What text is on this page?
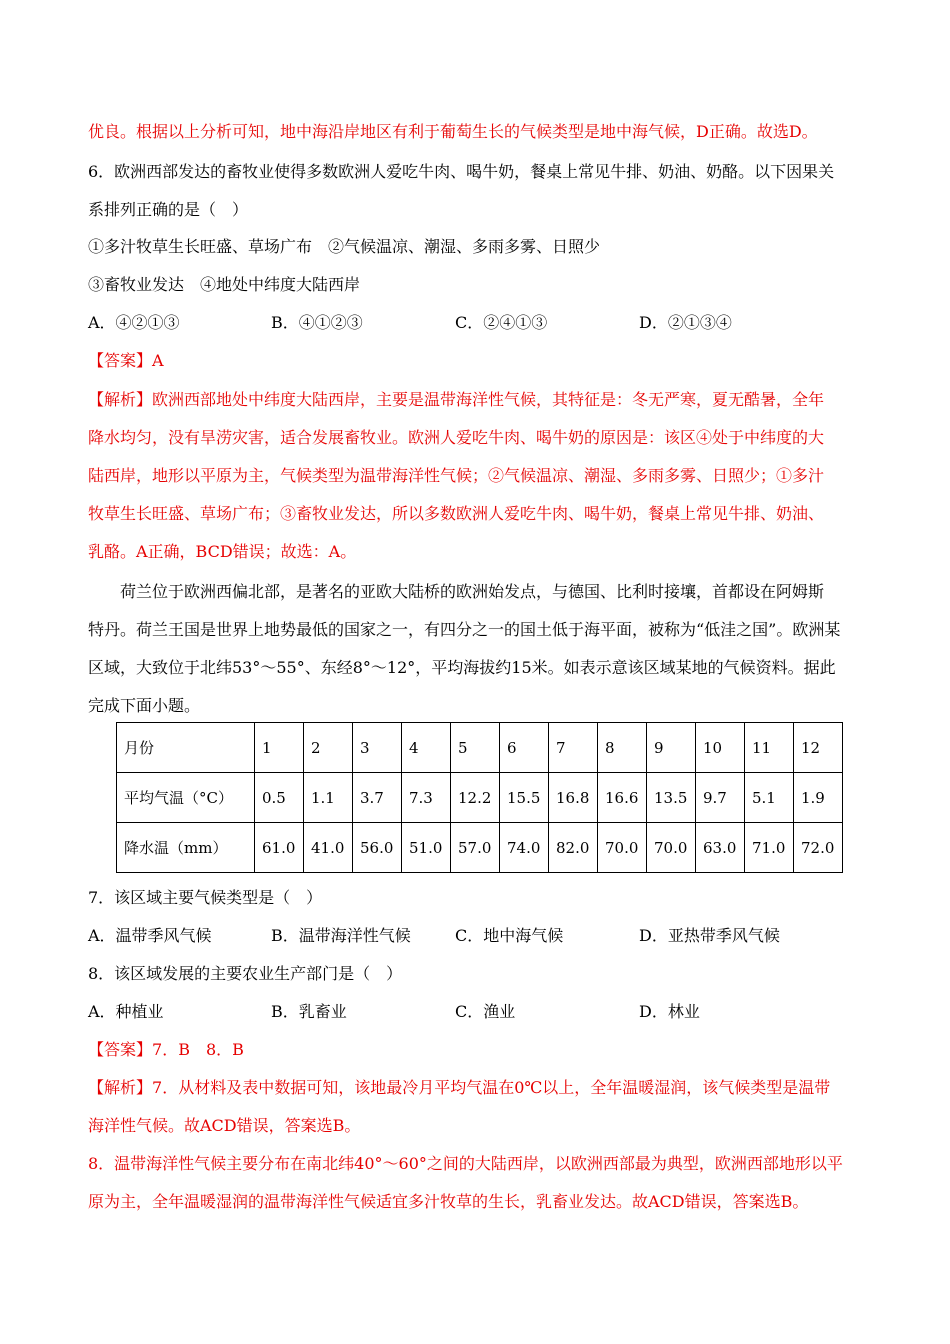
优良。根据以上分析可知，地中海沿岸地区有利于葡萄生长的气候类型是地中海气候，D正确。故选D。
6．欧洲西部发达的畜牧业使得多数欧洲人爱吃牛肉、喝牛奶，餐桌上常见牛排、奶油、奶酪。以下因果关
系排列正确的是（　）
①多汁牧草生长旺盛、草场广布　②气候温凉、潮湿、多雨多雾、日照少
③畜牧业发达　④地处中纬度大陆西岸
A．④②①③	B．④①②③	C．②④①③	D．②①③④
【答案】A
【解析】欧洲西部地处中纬度大陆西岸，主要是温带海洋性气候，其特征是：冬无严寒，夏无酷暑，全年
降水均匀，没有旱涝灾害，适合发展畜牧业。欧洲人爱吃牛肉、喝牛奶的原因是：该区④处于中纬度的大
陆西岸，地形以平原为主，气候类型为温带海洋性气候；②气候温凉、潮湿、多雨多雾、日照少；①多汁
牧草生长旺盛、草场广布；③畜牧业发达，所以多数欧洲人爱吃牛肉、喝牛奶，餐桌上常见牛排、奶油、
乳酪。A正确，BCD错误；故选：A。
荷兰位于欧洲西偏北部，是著名的亚欧大陆桥的欧洲始发点，与德国、比利时接壤，首都设在阿姆斯
特丹。荷兰王国是世界上地势最低的国家之一，有四分之一的国土低于海平面，被称为“低洼之国”。欧洲某
区域，大致位于北纬53°～55°、东经8°～12°，平均海拔约15米。如表示意该区域某地的气候资料。据此
完成下面小题。
月份	1	2	3	4	5	6	7	8	9	10	11	12
平均气温（°C）	0.5	1.1	3.7	7.3	12.2	15.5	16.8	16.6	13.5	9.7	5.1	1.9
降水温（mm）	61.0	41.0	56.0	51.0	57.0	74.0	82.0	70.0	70.0	63.0	71.0	72.0
7．该区域主要气候类型是（　）
A．温带季风气候	B．温带海洋性气候	C．地中海气候	D．亚热带季风气候
8．该区域发展的主要农业生产部门是（　）
A．种植业	B．乳畜业	C．渔业	D．林业
【答案】7．B　8．B
【解析】7．从材料及表中数据可知，该地最冷月平均气温在0℃以上，全年温暖湿润，该气候类型是温带
海洋性气候。故ACD错误，答案选B。
8．温带海洋性气候主要分布在南北纬40°～60°之间的大陆西岸，以欧洲西部最为典型，欧洲西部地形以平
原为主，全年温暖湿润的温带海洋性气候适宜多汁牧草的生长，乳畜业发达。故ACD错误，答案选B。
